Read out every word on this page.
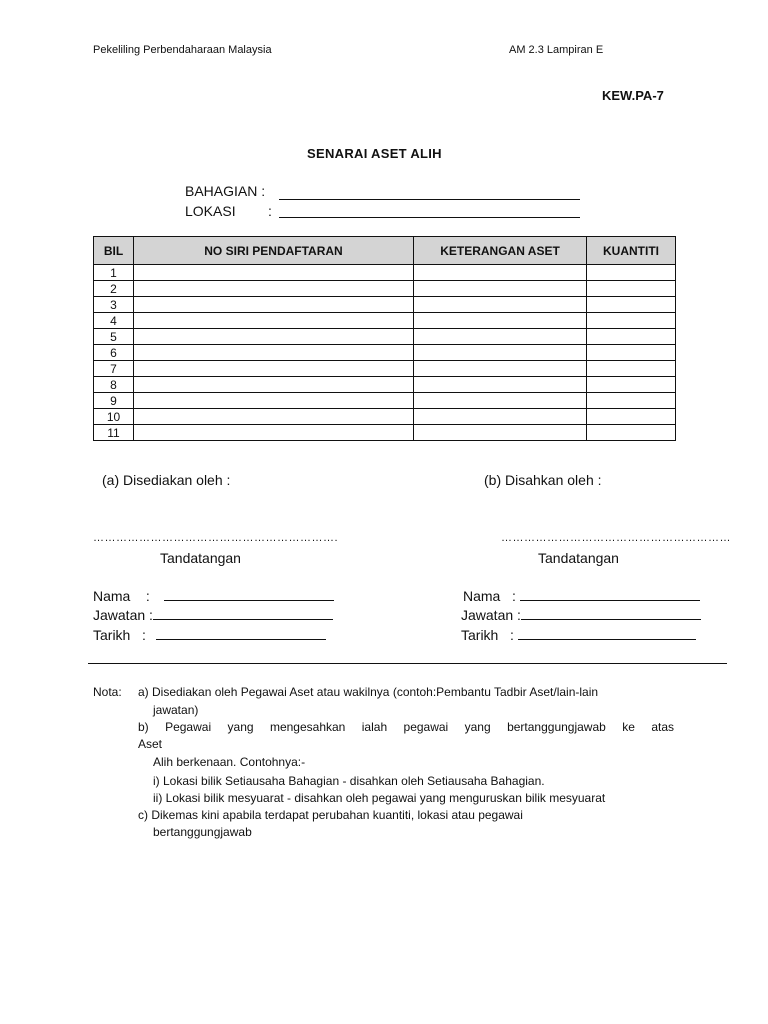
Pekeliling Perbendaharaan Malaysia	AM 2.3 Lampiran E
KEW.PA-7
SENARAI ASET ALIH
BAHAGIAN :
LOKASI :
BIL	NO SIRI PENDAFTARAN	KETERANGAN ASET	KUANTITI
1			
2			
3			
4			
5			
6			
7			
8			
9			
10			
11			
(a) Disediakan oleh :	(b) Disahkan oleh :
……………………………………………………….	……………………………………………………
Tandatangan	Tandatangan
Nama    :
Jawatan :
Tarikh   :
Nama   :
Jawatan :
Tarikh   :
Nota: a) Disediakan oleh Pegawai Aset atau wakilnya (contoh:Pembantu Tadbir Aset/lain-lain
jawatan)
b) Pegawai yang mengesahkan ialah pegawai yang bertanggungjawab ke atas
Aset
Alih berkenaan. Contohnya:-
i) Lokasi bilik Setiausaha Bahagian - disahkan oleh Setiausaha Bahagian.
ii) Lokasi bilik mesyuarat - disahkan oleh pegawai yang menguruskan bilik mesyuarat
c) Dikemas kini apabila terdapat perubahan kuantiti, lokasi atau pegawai
bertanggungjawab
